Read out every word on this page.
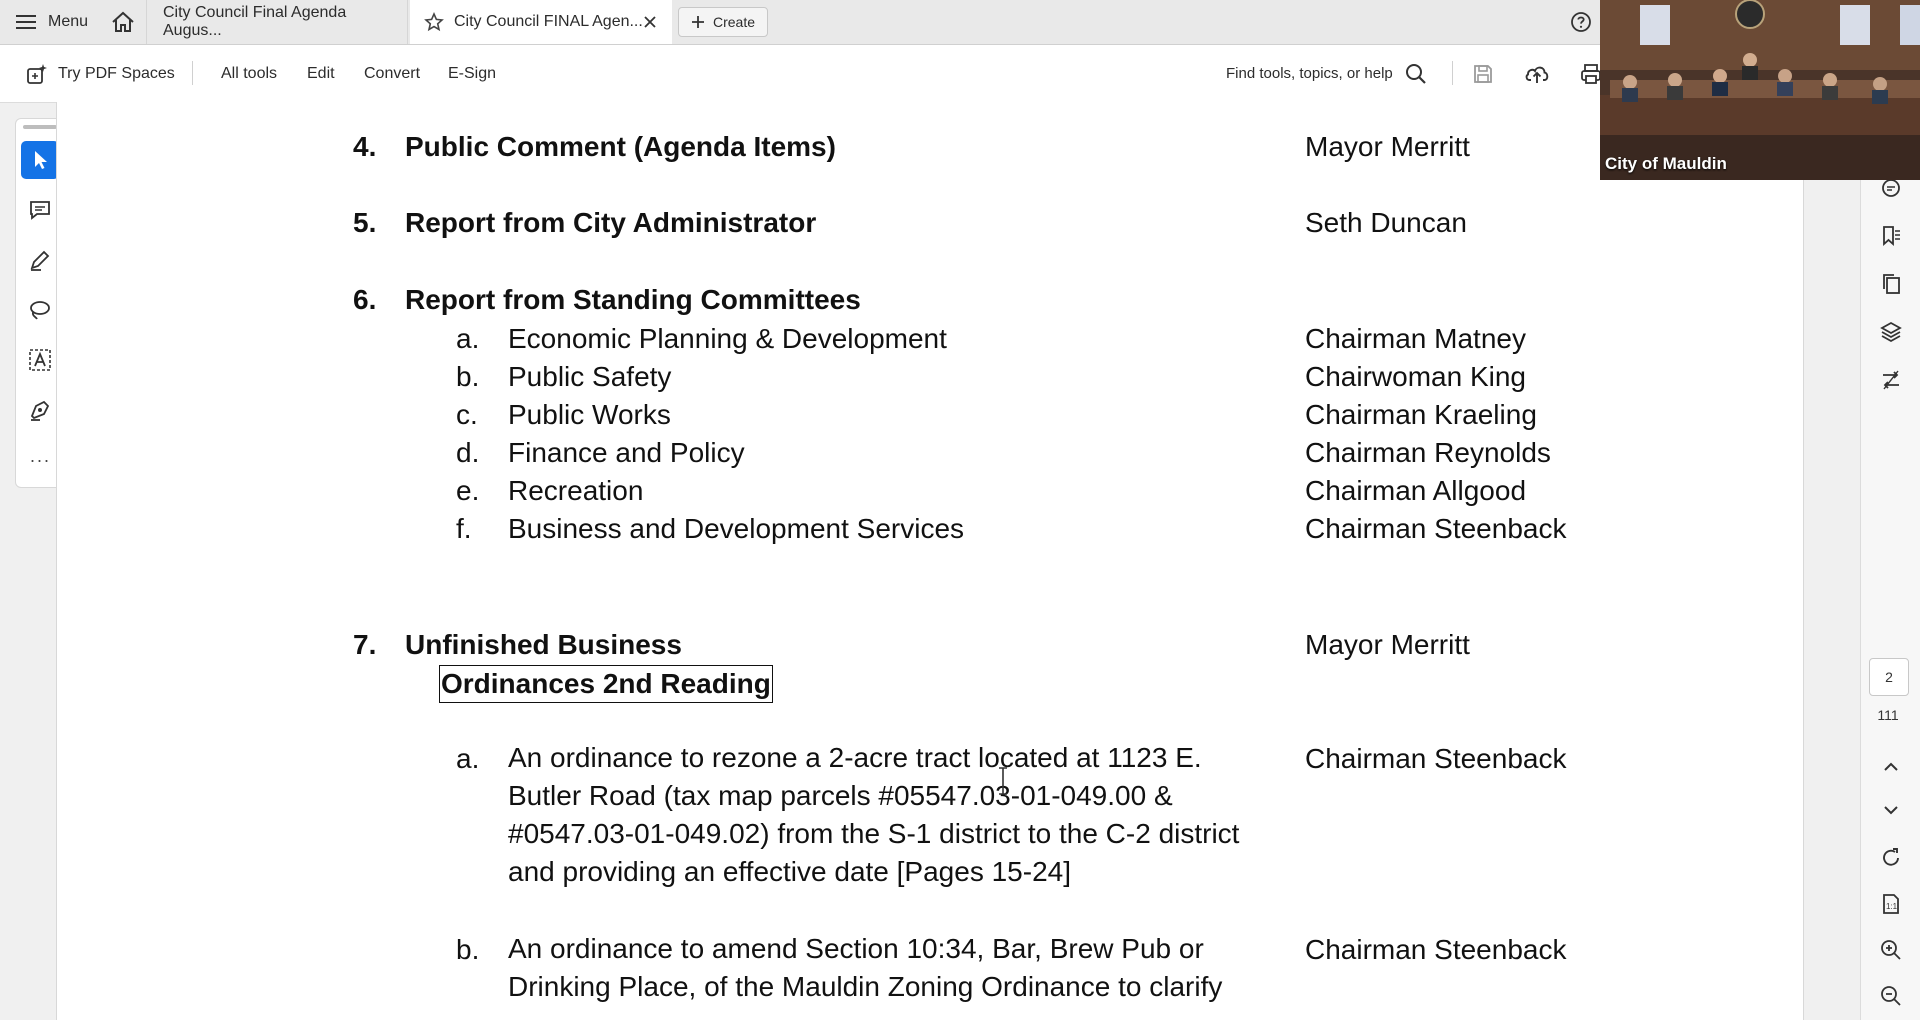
Menu
City Council Final Agenda Augus...
City Council FINAL Agen...	Create
Try PDF Spaces	All tools Edit Convert E-Sign	Find tools, topics, or help
···
4. Public Comment (Agenda Items)	Mayor Merritt
5. Report from City Administrator	Seth Duncan
6. Report from Standing Committees
a. Economic Planning & Development	Chairman Matney
b. Public Safety	Chairwoman King
c. Public Works	Chairman Kraeling
d. Finance and Policy	Chairman Reynolds
e. Recreation	Chairman Allgood
f. Business and Development Services	Chairman Steenback
7. Unfinished Business	Mayor Merritt
Ordinances 2nd Reading
a. An ordinance to rezone a 2-acre tract located at 1123 E.
Butler Road (tax map parcels #05547.03-01-049.00 &
#0547.03-01-049.02) from the S-1 district to the C-2 district
and providing an effective date [Pages 15-24]
Chairman Steenback
b. An ordinance to amend Section 10:34, Bar, Brew Pub or
Drinking Place, of the Mauldin Zoning Ordinance to clarify
Chairman Steenback
2
111
1:1
City of Mauldin
